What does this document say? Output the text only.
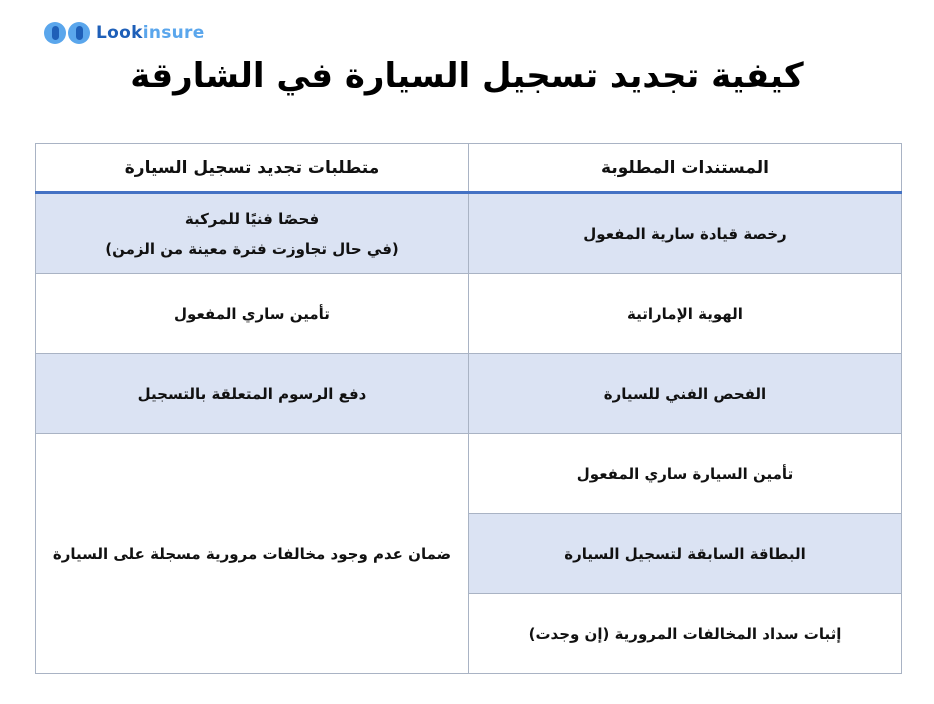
Lookinsure
كيفية تجديد تسجيل السيارة في الشارقة
المستندات المطلوبة	متطلبات تجديد تسجيل السيارة
رخصة قيادة سارية المفعول	فحصًا فنيًا للمركبة
(في حال تجاوزت فترة معينة من الزمن)

الهوية الإماراتية	تأمين ساري المفعول
الفحص الفني للسيارة	دفع الرسوم المتعلقة بالتسجيل
تأمين السيارة ساري المفعول	ضمان عدم وجود مخالفات مرورية مسجلة على السيارة
البطاقة السابقة لتسجيل السيارة	
إثبات سداد المخالفات المرورية (إن وجدت)	
